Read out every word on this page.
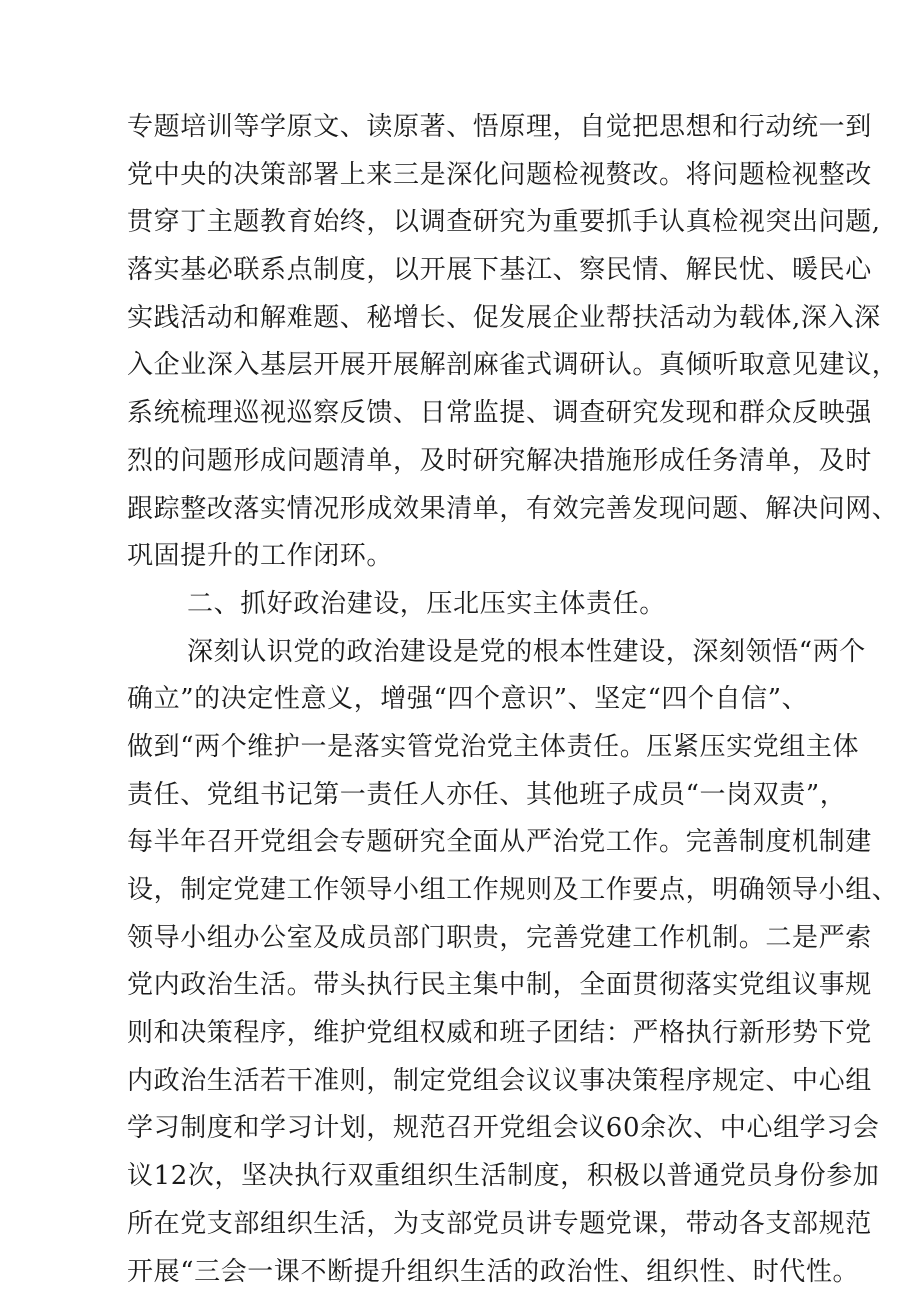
专题培训等学原文、读原著、悟原理，自觉把思想和行动统一到
党中央的决策部署上来三是深化问题检视赘改。将问题检视整改
贯穿丁主题教育始终，以调查研究为重要抓手认真检视突出问题,
落实基必联系点制度，以开展下基江、察民情、解民忧、暖民心
实践活动和解难题、秘增长、促发展企业帮扶活动为载体,深入深
入企业深入基层开展开展解剖麻雀式调研认。真倾听取意见建议，
系统梳理巡视巡察反馈、日常监提、调查研究发现和群众反映强
烈的问题形成问题清单，及时研究解决措施形成任务清单，及时
跟踪整改落实情况形成效果清单，有效完善发现问题、解决问网、
巩固提升的工作闭环。
二、抓好政治建设，压北压实主体责任。
深刻认识党的政治建设是党的根本性建设，深刻领悟“两个
确立”的决定性意义，增强“四个意识”、坚定“四个自信”、
做到“两个维护一是落实管党治党主体责任。压紧压实党组主体
责任、党组书记第一责任人亦任、其他班子成员“一岗双责”，
每半年召开党组会专题研究全面从严治党工作。完善制度机制建
设，制定党建工作领导小组工作规则及工作要点，明确领导小组、
领导小组办公室及成员部门职贵，完善党建工作机制。二是严索
党内政治生活。带头执行民主集中制，全面贯彻落实党组议事规
则和决策程序，维护党组权威和班子团结：严格执行新形势下党
内政治生活若干准则，制定党组会议议事决策程序规定、中心组
学习制度和学习计划，规范召开党组会议60余次、中心组学习会
议12次，坚决执行双重组织生活制度，积极以普通党员身份参加
所在党支部组织生活，为支部党员讲专题党课，带动各支部规范
开展“三会一课不断提升组织生活的政治性、组织性、时代性。
